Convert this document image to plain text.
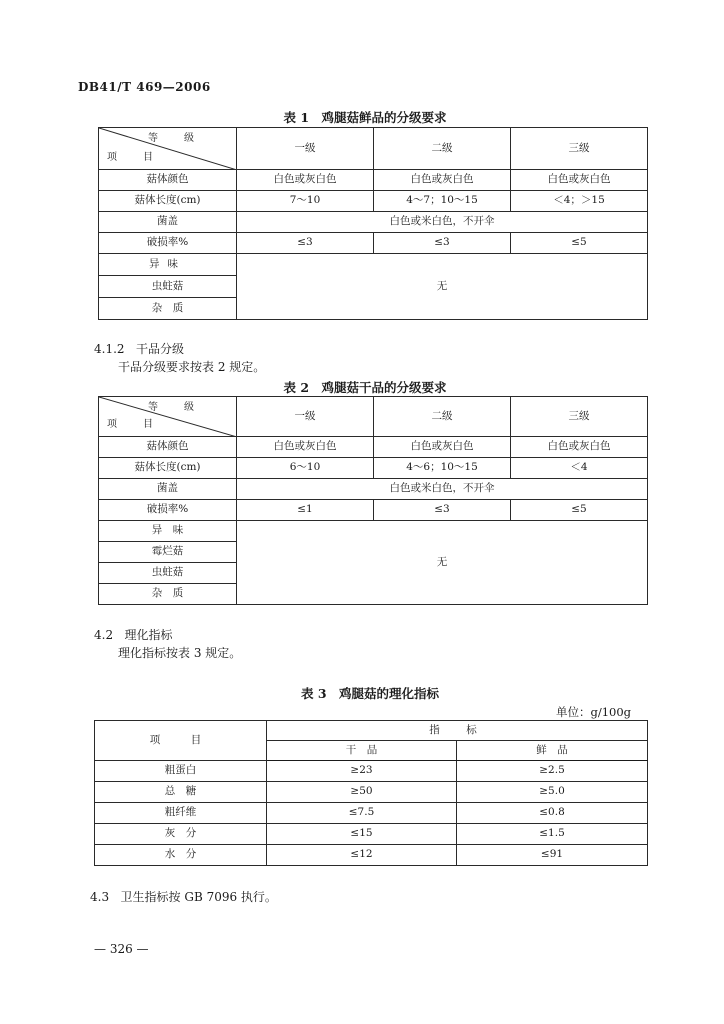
DB41/T 469—2006
表 1　鸡腿菇鲜品的分级要求
等　级
项　目	一级	二级	三级
菇体颜色	白色或灰白色	白色或灰白色	白色或灰白色
菇体长度(cm)	7～10	4～7；10～15	＜4；＞15
菌盖	白色或米白色，不开伞		
破损率%	≤3	≤3	≤5
异味	无		
虫蛀菇			
杂　质			
4.1.2 干品分级
干品分级要求按表 2 规定。
表 2　鸡腿菇干品的分级要求
等　级
项　目	一级	二级	三级
菇体颜色	白色或灰白色	白色或灰白色	白色或灰白色
菇体长度(cm)	6～10	4～6；10～15	＜4
菌盖	白色或米白色，不开伞		
破损率%	≤1	≤3	≤5
异　味	无		
霉烂菇			
虫蛀菇			
杂　质			
4.2 理化指标
理化指标按表 3 规定。
表 3　鸡腿菇的理化指标
单位：g/100g
项　目	指　标	
	干　品	鲜　品
粗蛋白	≥23	≥2.5
总　糖	≥50	≥5.0
粗纤维	≤7.5	≤0.8
灰　分	≤15	≤1.5
水　分	≤12	≤91
4.3 卫生指标按 GB 7096 执行。
— 326 —
